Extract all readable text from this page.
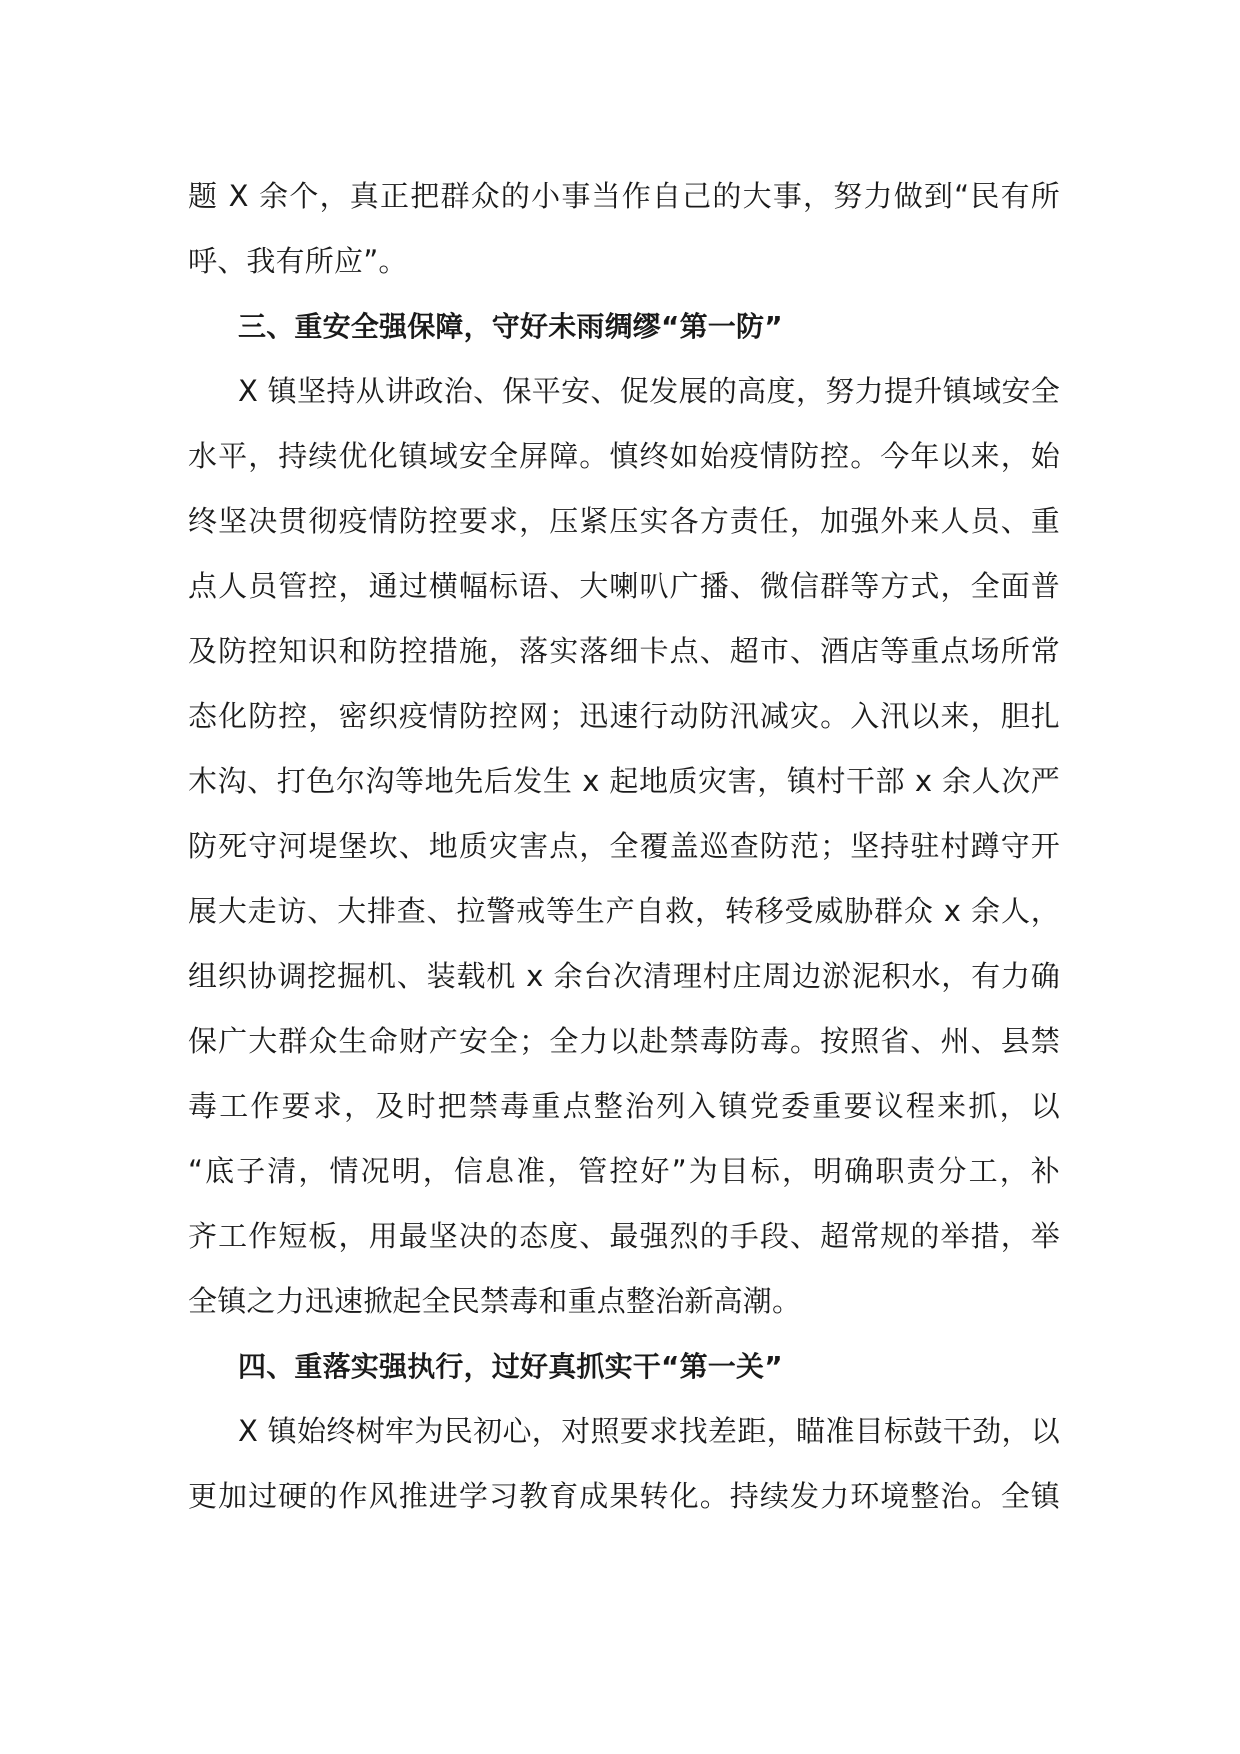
题 X 余个，真正把群众的小事当作自己的大事，努力做到“民有所
呼、我有所应”。
三、重安全强保障，守好未雨绸缪“第一防”
X 镇坚持从讲政治、保平安、促发展的高度，努力提升镇域安全
水平，持续优化镇域安全屏障。慎终如始疫情防控。今年以来，始
终坚决贯彻疫情防控要求，压紧压实各方责任，加强外来人员、重
点人员管控，通过横幅标语、大喇叭广播、微信群等方式，全面普
及防控知识和防控措施，落实落细卡点、超市、酒店等重点场所常
态化防控，密织疫情防控网；迅速行动防汛减灾。入汛以来，胆扎
木沟、打色尔沟等地先后发生 x 起地质灾害，镇村干部 x 余人次严
防死守河堤堡坎、地质灾害点，全覆盖巡查防范；坚持驻村蹲守开
展大走访、大排查、拉警戒等生产自救，转移受威胁群众 x 余人，
组织协调挖掘机、装载机 x 余台次清理村庄周边淤泥积水，有力确
保广大群众生命财产安全；全力以赴禁毒防毒。按照省、州、县禁
毒工作要求，及时把禁毒重点整治列入镇党委重要议程来抓，以
“底子清，情况明，信息准，管控好”为目标，明确职责分工，补
齐工作短板，用最坚决的态度、最强烈的手段、超常规的举措，举
全镇之力迅速掀起全民禁毒和重点整治新高潮。
四、重落实强执行，过好真抓实干“第一关”
X 镇始终树牢为民初心，对照要求找差距，瞄准目标鼓干劲，以
更加过硬的作风推进学习教育成果转化。持续发力环境整治。全镇
